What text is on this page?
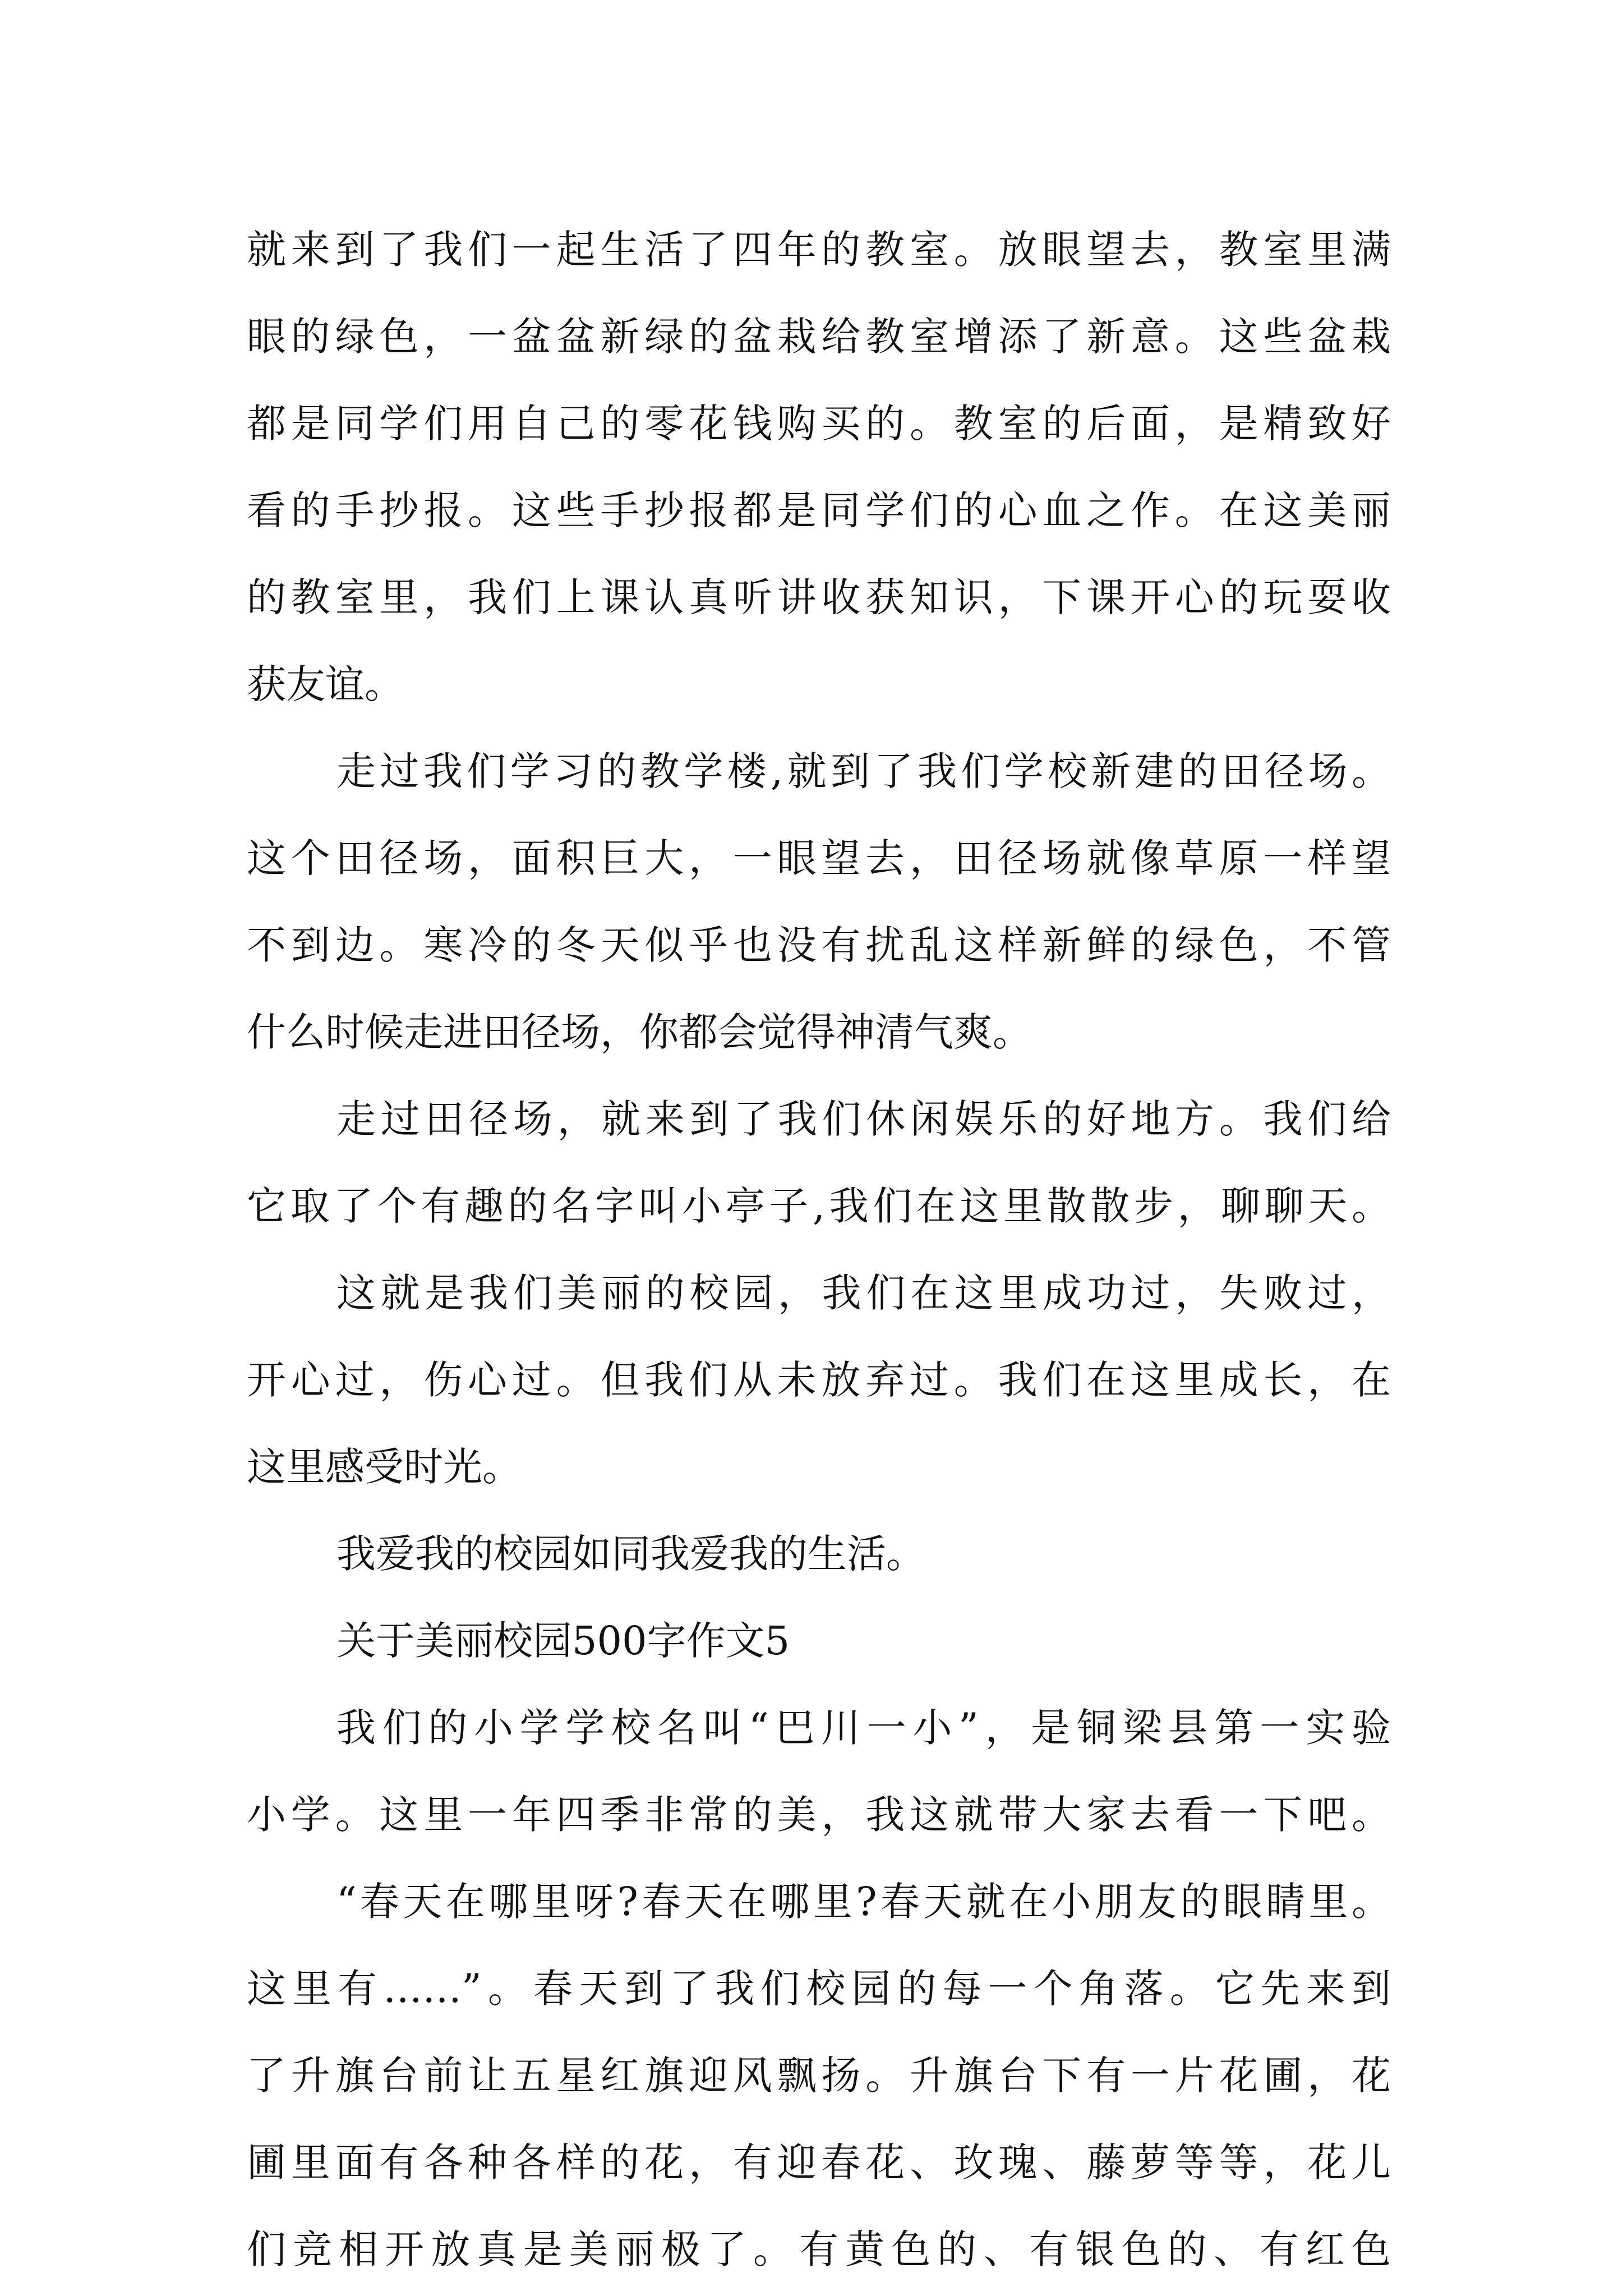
就来到了我们一起生活了四年的教室。放眼望去，教室里满
眼的绿色，一盆盆新绿的盆栽给教室增添了新意。这些盆栽
都是同学们用自己的零花钱购买的。教室的后面，是精致好
看的手抄报。这些手抄报都是同学们的心血之作。在这美丽
的教室里，我们上课认真听讲收获知识，下课开心的玩耍收
获友谊。
走过我们学习的教学楼,就到了我们学校新建的田径场。
这个田径场，面积巨大，一眼望去，田径场就像草原一样望
不到边。寒冷的冬天似乎也没有扰乱这样新鲜的绿色，不管
什么时候走进田径场，你都会觉得神清气爽。
走过田径场，就来到了我们休闲娱乐的好地方。我们给
它取了个有趣的名字叫小亭子,我们在这里散散步，聊聊天。
这就是我们美丽的校园，我们在这里成功过，失败过，
开心过，伤心过。但我们从未放弃过。我们在这里成长，在
这里感受时光。
我爱我的校园如同我爱我的生活。
关于美丽校园500字作文5
我们的小学学校名叫“巴川一小”，是铜梁县第一实验
小学。这里一年四季非常的美，我这就带大家去看一下吧。
“春天在哪里呀?春天在哪里?春天就在小朋友的眼睛里。
这里有……”。春天到了我们校园的每一个角落。它先来到
了升旗台前让五星红旗迎风飘扬。升旗台下有一片花圃，花
圃里面有各种各样的花，有迎春花、玫瑰、藤萝等等，花儿
们竞相开放真是美丽极了。有黄色的、有银色的、有红色
